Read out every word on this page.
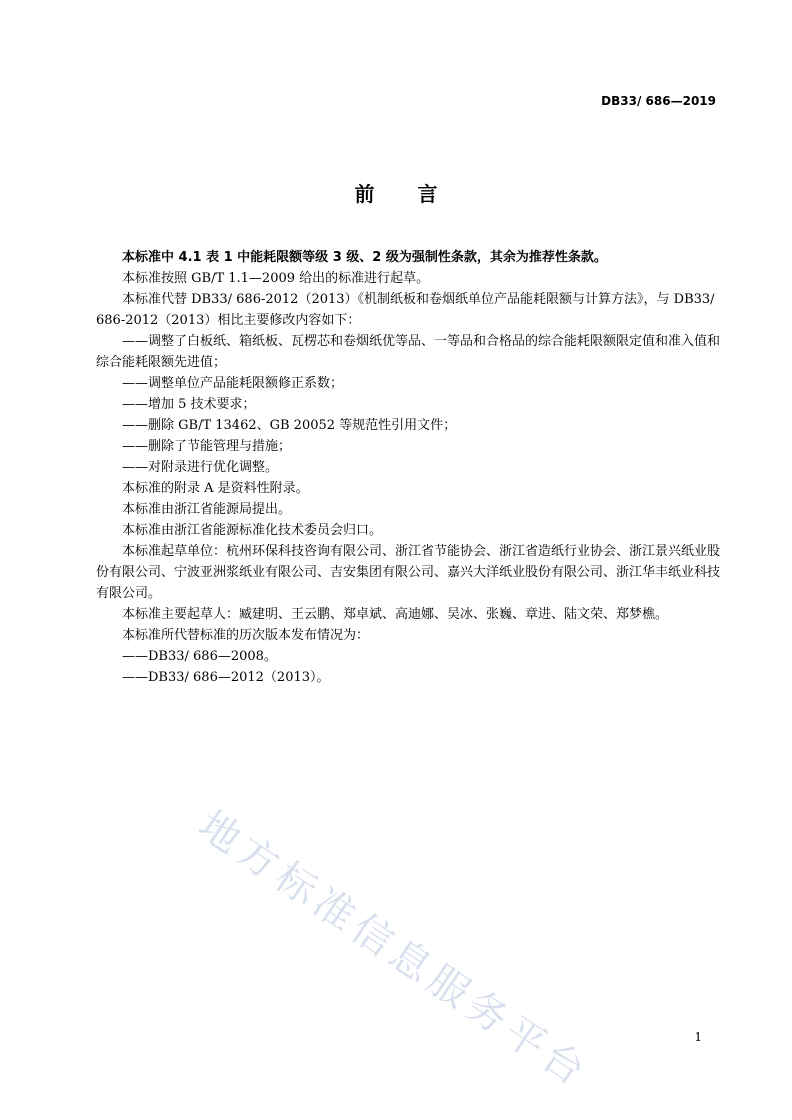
DB33/ 686—2019
前 言

本标准中 4.1 表 1 中能耗限额等级 3 级、2 级为强制性条款，其余为推荐性条款。

本标准按照 GB/T 1.1—2009 给出的标准进行起草。

本标准代替 DB33/ 686-2012（2013）《机制纸板和卷烟纸单位产品能耗限额与计算方法》，与 DB33/ 686-2012（2013）相比主要修改内容如下：

——调整了白板纸、箱纸板、瓦楞芯和卷烟纸优等品、一等品和合格品的综合能耗限额限定值和准入值和综合能耗限额先进值；

——调整单位产品能耗限额修正系数；

——增加 5 技术要求；

——删除 GB/T 13462、GB 20052 等规范性引用文件；

——删除了节能管理与措施；

——对附录进行优化调整。

本标准的附录 A 是资料性附录。

本标准由浙江省能源局提出。

本标准由浙江省能源标准化技术委员会归口。

本标准起草单位：杭州环保科技咨询有限公司、浙江省节能协会、浙江省造纸行业协会、浙江景兴纸业股份有限公司、宁波亚洲浆纸业有限公司、吉安集团有限公司、嘉兴大洋纸业股份有限公司、浙江华丰纸业科技有限公司。

本标准主要起草人：臧建明、王云鹏、郑卓斌、高迪娜、吴冰、张巍、章进、陆文荣、郑梦樵。

本标准所代替标准的历次版本发布情况为：

——DB33/ 686—2008。

——DB33/ 686—2012（2013）。

地方标准信息服务平台	1
